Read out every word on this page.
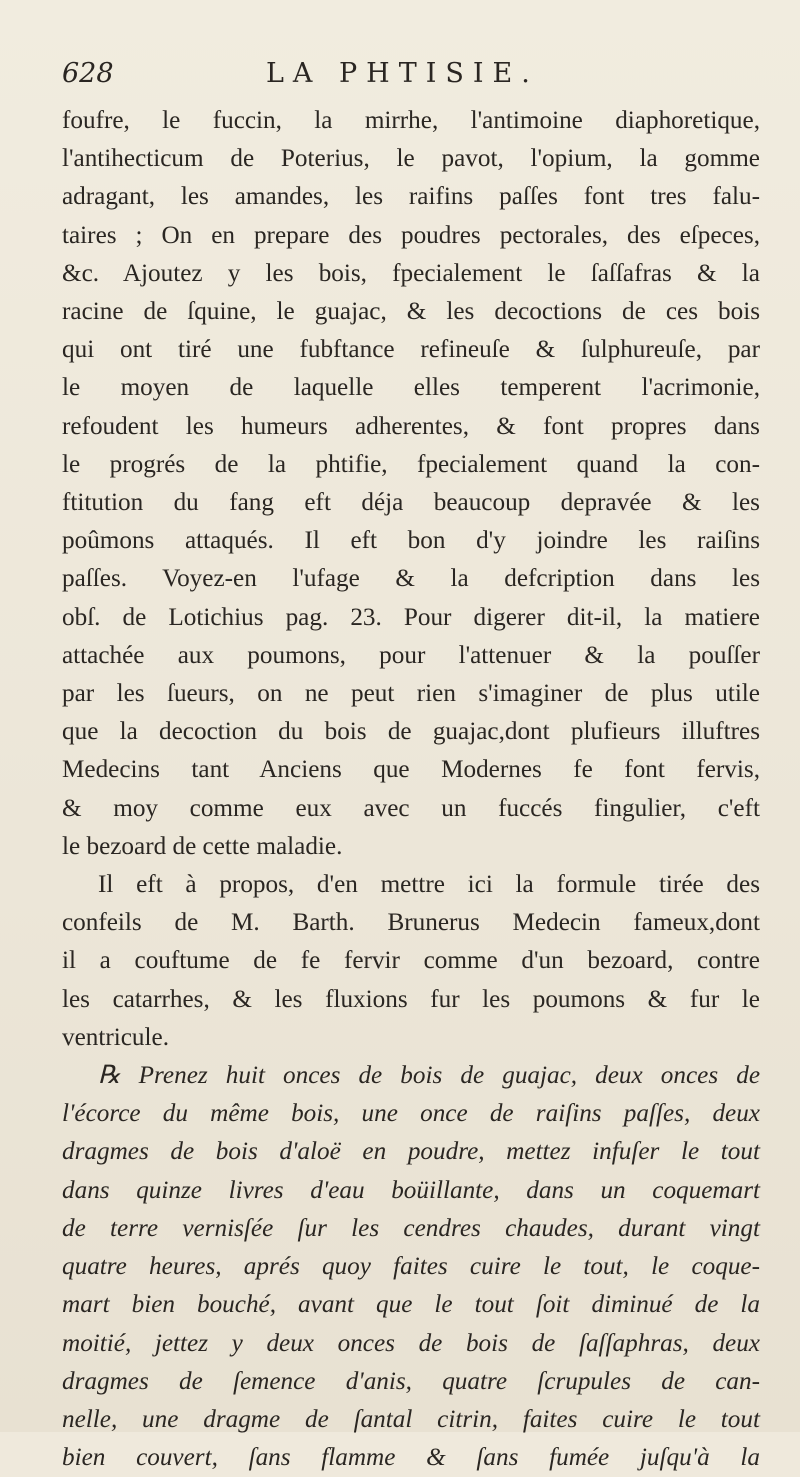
628	LA PHTISIE.
foufre, le fuccin, la mirrhe, l'antimoine diaphoretique,
l'antihecticum de Poterius, le pavot, l'opium, la gomme
adragant, les amandes, les raifins paſſes font tres falu-
taires ; On en prepare des poudres pectorales, des eſpeces,
&c. Ajoutez y les bois, fpecialement le ſaſſafras & la
racine de ſquine, le guajac, & les decoctions de ces bois
qui ont tiré une fubftance refineuſe & ſulphureuſe, par
le moyen de laquelle elles temperent l'acrimonie,
refoudent les humeurs adherentes, & font propres dans
le progrés de la phtifie, fpecialement quand la con-
ftitution du fang eft déja beaucoup depravée & les
poûmons attaqués. Il eft bon d'y joindre les raiſins
paſſes. Voyez-en l'ufage & la defcription dans les
obſ. de Lotichius pag. 23. Pour digerer dit-il, la matiere
attachée aux poumons, pour l'attenuer & la pouſſer
par les ſueurs, on ne peut rien s'imaginer de plus utile
que la decoction du bois de guajac,dont plufieurs illuftres
Medecins tant Anciens que Modernes fe font fervis,
& moy comme eux avec un fuccés fingulier, c'eft
le bezoard de cette maladie.
Il eft à propos, d'en mettre ici la formule tirée des
confeils de M. Barth. Brunerus Medecin fameux,dont
il a couftume de fe fervir comme d'un bezoard, contre
les catarrhes, & les fluxions fur les poumons & fur le
ventricule.
℞ Prenez huit onces de bois de guajac, deux onces de
l'écorce du même bois, une once de raiſins paſſes, deux
dragmes de bois d'aloë en poudre, mettez infuſer le tout
dans quinze livres d'eau boüillante, dans un coquemart
de terre vernisſée ſur les cendres chaudes, durant vingt
quatre heures, aprés quoy faites cuire le tout, le coque-
mart bien bouché, avant que le tout ſoit diminué de la
moitié, jettez y deux onces de bois de ſaſſaphras, deux
dragmes de ſemence d'anis, quatre ſcrupules de can-
nelle, une dragme de ſantal citrin, faites cuire le tout
bien couvert, ſans flamme & ſans fumée juſqu'à la
